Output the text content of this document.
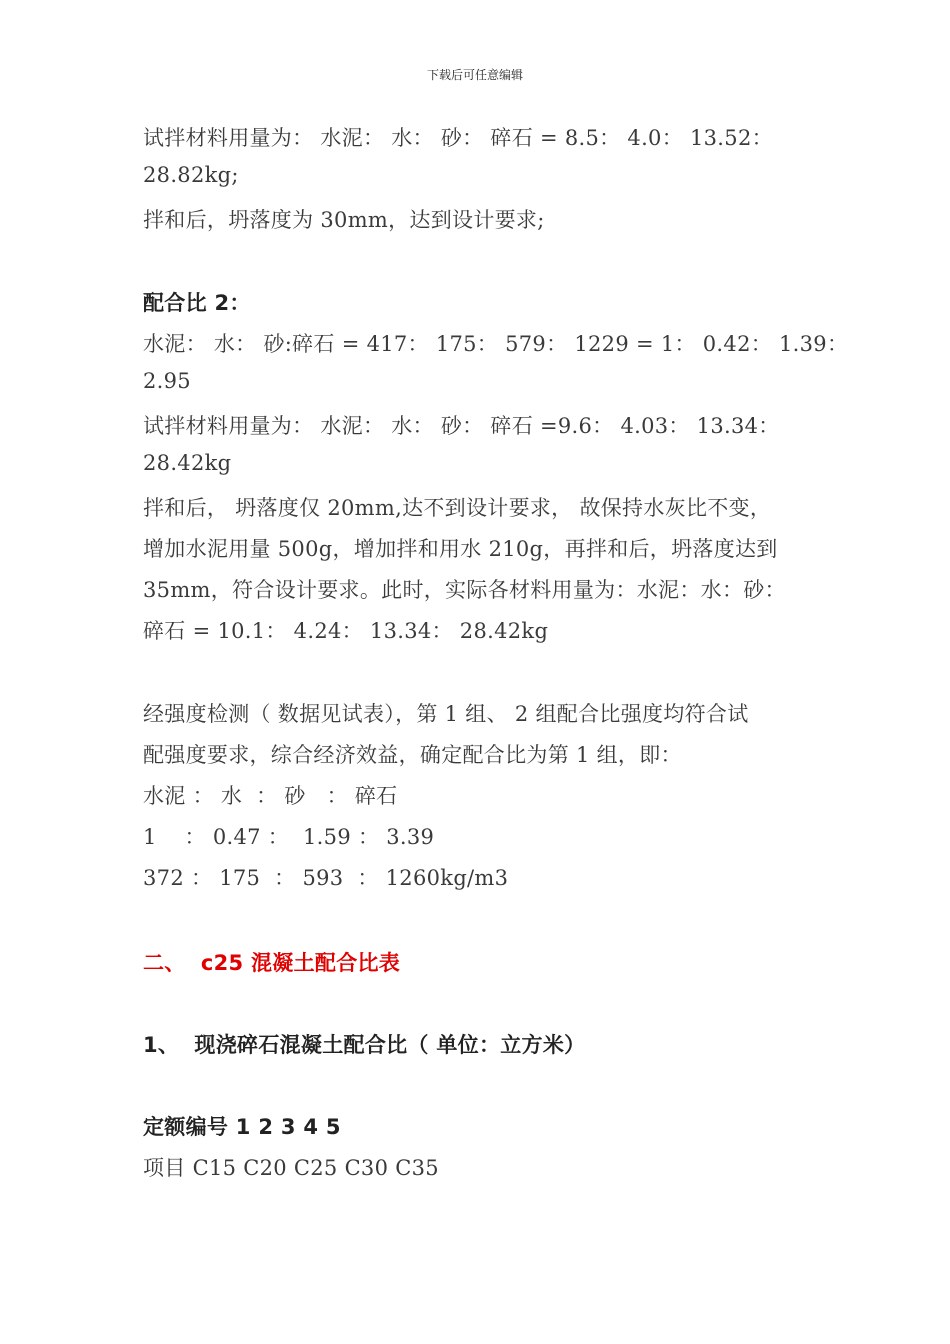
下载后可任意编辑
试拌材料用量为： 水泥： 水： 砂： 碎石 = 8.5： 4.0： 13.52：
28.82kg;
拌和后，坍落度为 30mm，达到设计要求;
配合比 2：
水泥： 水： 砂:碎石 = 417： 175： 579： 1229 = 1： 0.42： 1.39：
2.95
试拌材料用量为： 水泥： 水： 砂： 碎石 =9.6： 4.03： 13.34：
28.42kg
拌和后， 坍落度仅 20mm,达不到设计要求， 故保持水灰比不变，
增加水泥用量 500g，增加拌和用水 210g，再拌和后，坍落度达到
35mm，符合设计要求。此时，实际各材料用量为：水泥：水：砂：
碎石 = 10.1： 4.24： 13.34： 28.42kg
经强度检测（ 数据见试表），第 1 组、 2 组配合比强度均符合试
配强度要求，综合经济效益，确定配合比为第 1 组，即：
水泥 ： 水  ： 砂   ： 碎石
1    ： 0.47 ：  1.59 ： 3.39
372 ： 175  ： 593  ： 1260kg/m3
二、  c25 混凝土配合比表
1、  现浇碎石混凝土配合比（ 单位：立方米）
定额编号 1 2 3 4 5
项目 C15 C20 C25 C30 C35
